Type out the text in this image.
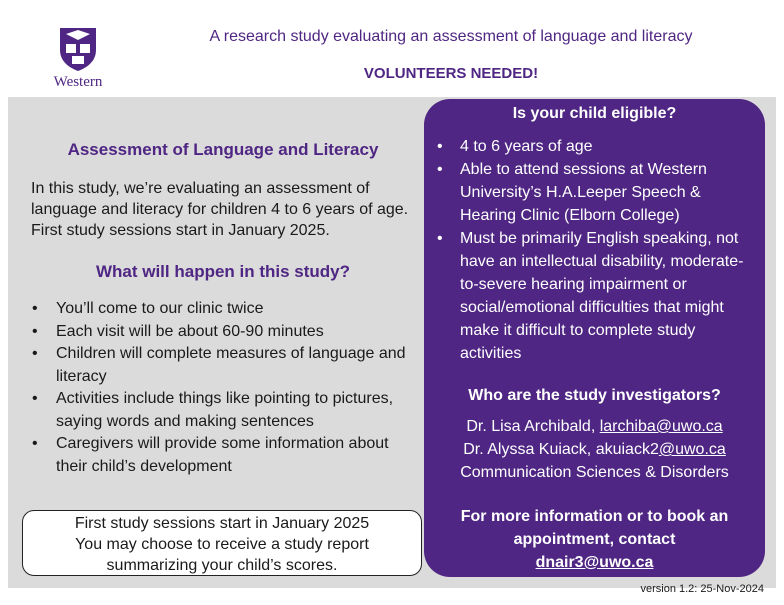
Western
A research study evaluating an assessment of language and literacy
VOLUNTEERS NEEDED!
Assessment of Language and Literacy
In this study, we’re evaluating an assessment of language and literacy for children 4 to 6 years of age. First study sessions start in January 2025.
What will happen in this study?
• You’ll come to our clinic twice
• Each visit will be about 60-90 minutes
• Children will complete measures of language and literacy
• Activities include things like pointing to pictures, saying words and making sentences
• Caregivers will provide some information about their child’s development
First study sessions start in January 2025
You may choose to receive a study report
summarizing your child’s scores.
Is your child eligible?
• 4 to 6 years of age
• Able to attend sessions at Western University’s H.A.Leeper Speech & Hearing Clinic (Elborn College)
• Must be primarily English speaking, not have an intellectual disability, moderate-to-severe hearing impairment or social/emotional difficulties that might make it difficult to complete study activities
Who are the study investigators?
Dr. Lisa Archibald, larchiba@uwo.ca
Dr. Alyssa Kuiack, akuiack2@uwo.ca
Communication Sciences & Disorders
For more information or to book an
appointment, contact
dnair3@uwo.ca
version 1.2: 25-Nov-2024
